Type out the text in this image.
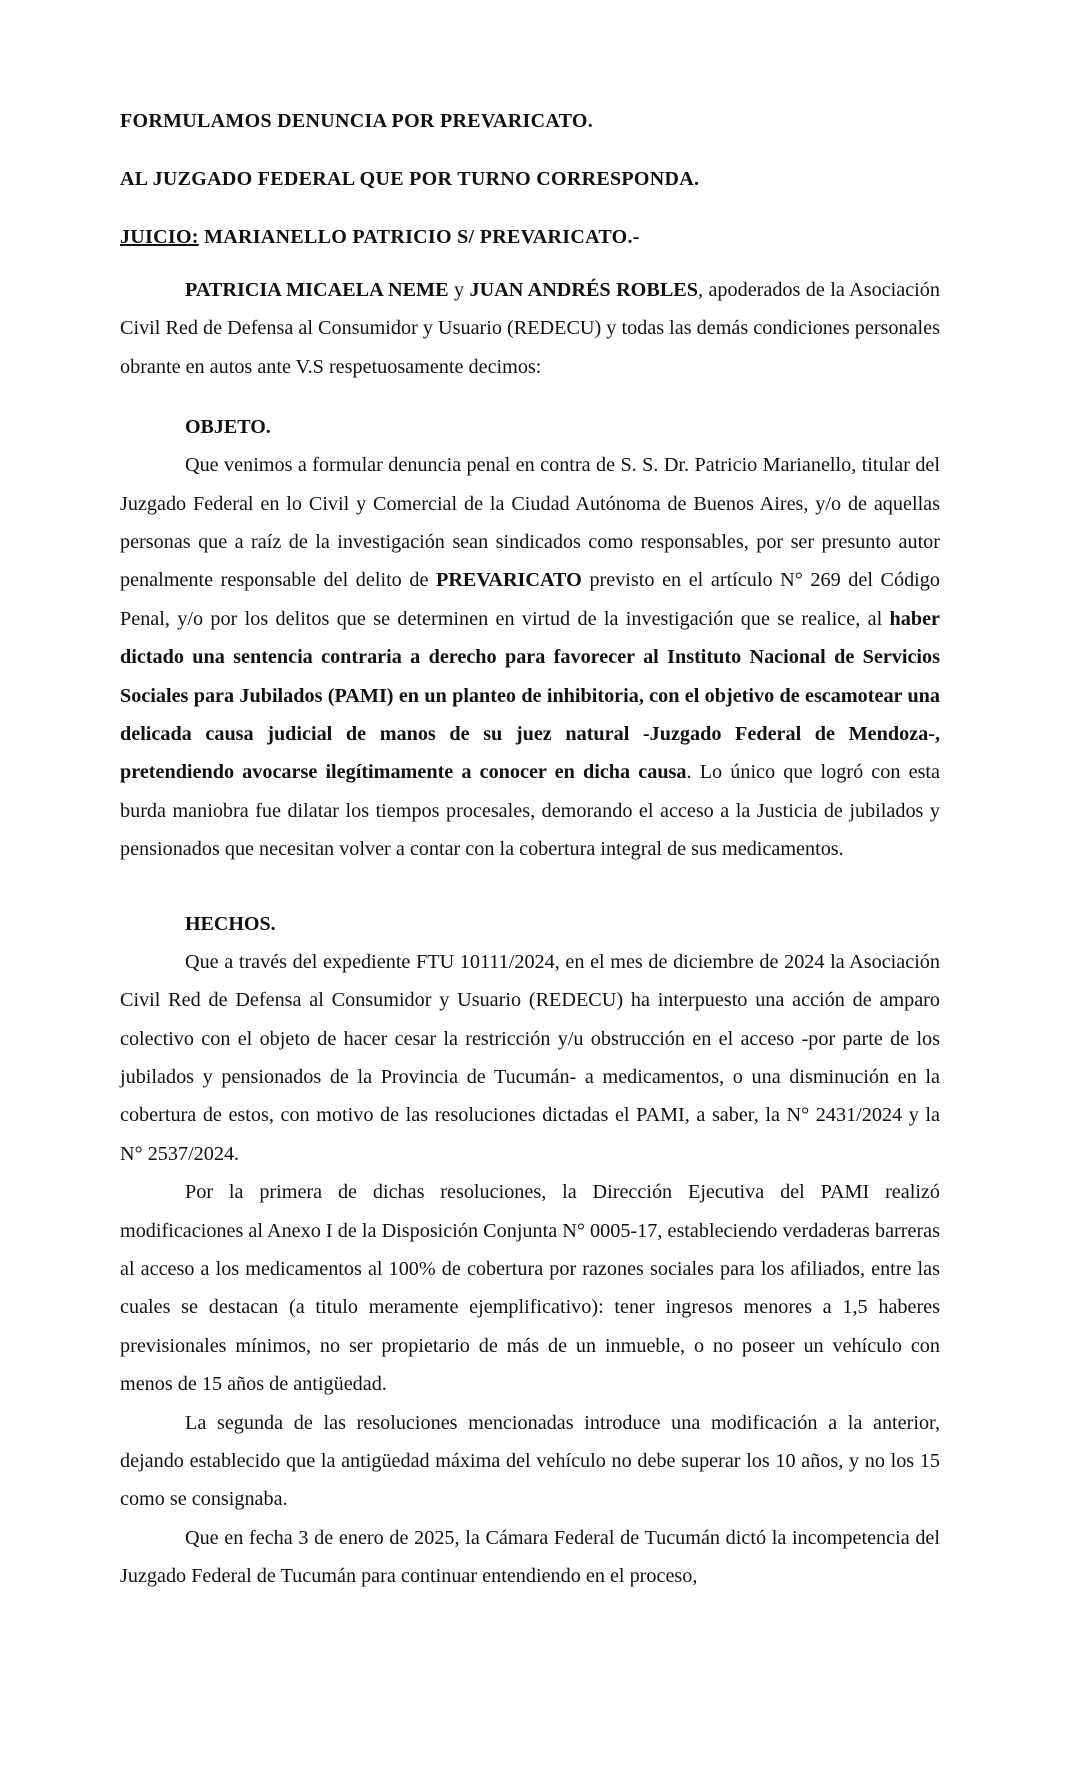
FORMULAMOS DENUNCIA POR PREVARICATO.

AL JUZGADO FEDERAL QUE POR TURNO CORRESPONDA.

JUICIO: MARIANELLO PATRICIO S/ PREVARICATO.-

PATRICIA MICAELA NEME y JUAN ANDRÉS ROBLES, apoderados de la Asociación Civil Red de Defensa al Consumidor y Usuario (REDECU) y todas las demás condiciones personales obrante en autos ante V.S respetuosamente decimos:

OBJETO.

Que venimos a formular denuncia penal en contra de S. S. Dr. Patricio Marianello, titular del Juzgado Federal en lo Civil y Comercial de la Ciudad Autónoma de Buenos Aires, y/o de aquellas personas que a raíz de la investigación sean sindicados como responsables, por ser presunto autor penalmente responsable del delito de PREVARICATO previsto en el artículo N° 269 del Código Penal, y/o por los delitos que se determinen en virtud de la investigación que se realice, al haber dictado una sentencia contraria a derecho para favorecer al Instituto Nacional de Servicios Sociales para Jubilados (PAMI) en un planteo de inhibitoria, con el objetivo de escamotear una delicada causa judicial de manos de su juez natural -Juzgado Federal de Mendoza-, pretendiendo avocarse ilegítimamente a conocer en dicha causa. Lo único que logró con esta burda maniobra fue dilatar los tiempos procesales, demorando el acceso a la Justicia de jubilados y pensionados que necesitan volver a contar con la cobertura integral de sus medicamentos.

HECHOS.

Que a través del expediente FTU 10111/2024, en el mes de diciembre de 2024 la Asociación Civil Red de Defensa al Consumidor y Usuario (REDECU) ha interpuesto una acción de amparo colectivo con el objeto de hacer cesar la restricción y/u obstrucción en el acceso -por parte de los jubilados y pensionados de la Provincia de Tucumán- a medicamentos, o una disminución en la cobertura de estos, con motivo de las resoluciones dictadas el PAMI, a saber, la N° 2431/2024 y la N° 2537/2024.

Por la primera de dichas resoluciones, la Dirección Ejecutiva del PAMI realizó modificaciones al Anexo I de la Disposición Conjunta N° 0005-17, estableciendo verdaderas barreras al acceso a los medicamentos al 100% de cobertura por razones sociales para los afiliados, entre las cuales se destacan (a titulo meramente ejemplificativo): tener ingresos menores a 1,5 haberes previsionales mínimos, no ser propietario de más de un inmueble, o no poseer un vehículo con menos de 15 años de antigüedad.

La segunda de las resoluciones mencionadas introduce una modificación a la anterior, dejando establecido que la antigüedad máxima del vehículo no debe superar los 10 años, y no los 15 como se consignaba.

Que en fecha 3 de enero de 2025, la Cámara Federal de Tucumán dictó la incompetencia del Juzgado Federal de Tucumán para continuar entendiendo en el proceso,
